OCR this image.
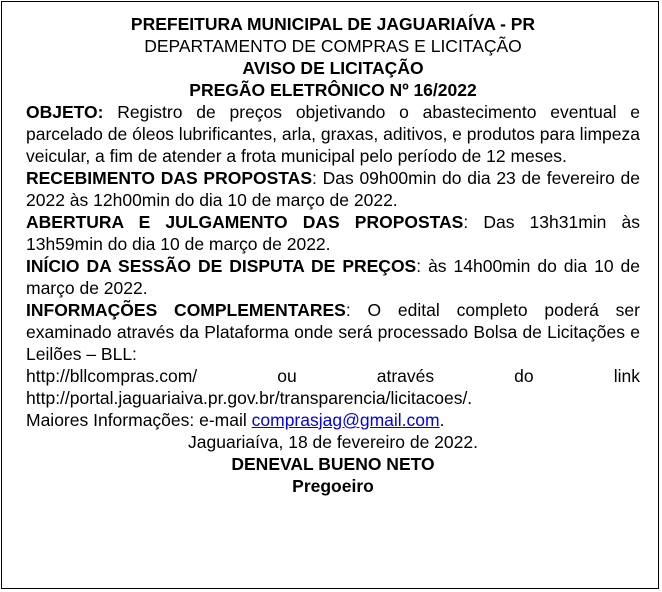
PREFEITURA MUNICIPAL DE JAGUARIAÍVA - PR
DEPARTAMENTO DE COMPRAS E LICITAÇÃO
AVISO DE LICITAÇÃO
PREGÃO ELETRÔNICO Nº 16/2022
OBJETO: Registro de preços objetivando o abastecimento eventual e parcelado de óleos lubrificantes, arla, graxas, aditivos, e produtos para limpeza veicular, a fim de atender a frota municipal pelo período de 12 meses.
RECEBIMENTO DAS PROPOSTAS: Das 09h00min do dia 23 de fevereiro de 2022 às 12h00min do dia 10 de março de 2022.
ABERTURA E JULGAMENTO DAS PROPOSTAS: Das 13h31min às 13h59min do dia 10 de março de 2022.
INÍCIO DA SESSÃO DE DISPUTA DE PREÇOS: às 14h00min do dia 10 de março de 2022.
INFORMAÇÕES COMPLEMENTARES: O edital completo poderá ser examinado através da Plataforma onde será processado Bolsa de Licitações e Leilões – BLL:
http://bllcompras.com/	ou	através	do	link
http://portal.jaguariaiva.pr.gov.br/transparencia/licitacoes/.
Maiores Informações: e-mail comprasjag@gmail.com.
Jaguariaíva, 18 de fevereiro de 2022.
DENEVAL BUENO NETO
Pregoeiro
